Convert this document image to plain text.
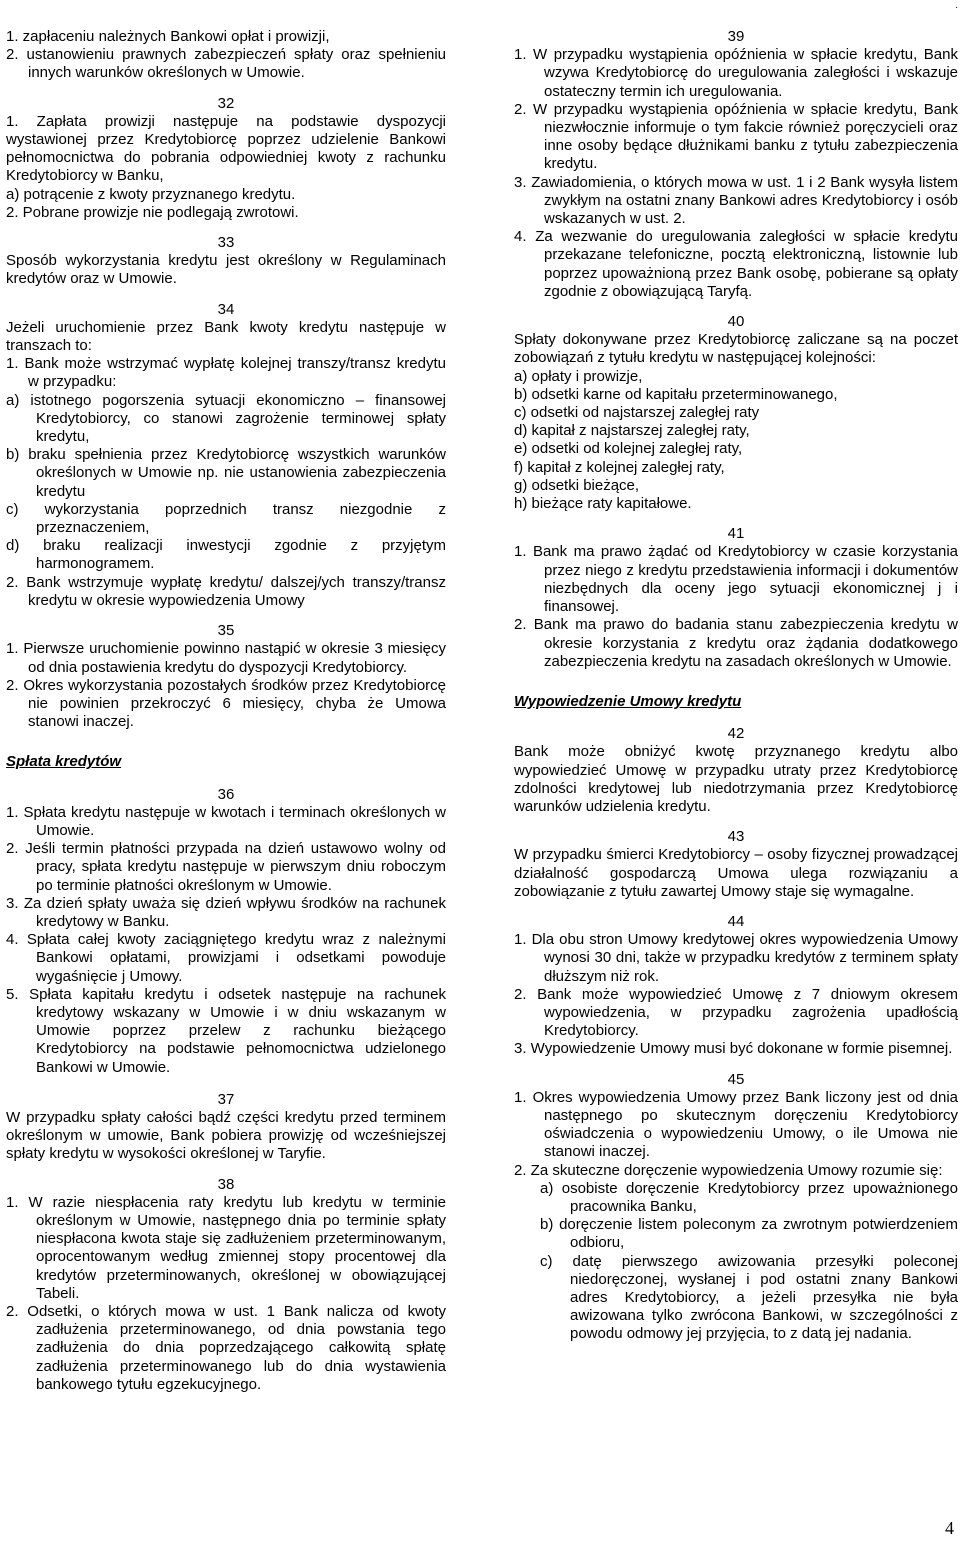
.

1. zapłaceniu należnych Bankowi opłat i prowizji,

2. ustanowieniu prawnych zabezpieczeń spłaty oraz spełnieniu innych warunków określonych w Umowie.

32

1. Zapłata prowizji następuje na podstawie dyspozycji wystawionej przez Kredytobiorcę poprzez udzielenie Bankowi pełnomocnictwa do pobrania odpowiedniej kwoty z rachunku Kredytobiorcy w Banku,

a) potrącenie z kwoty przyznanego kredytu.

2. Pobrane prowizje nie podlegają zwrotowi.

33

Sposób wykorzystania kredytu jest określony w Regulaminach kredytów oraz w Umowie.

34

Jeżeli uruchomienie przez Bank kwoty kredytu następuje w transzach to:

1. Bank może wstrzymać wypłatę kolejnej transzy/transz kredytu w przypadku:

a) istotnego pogorszenia sytuacji ekonomiczno – finansowej Kredytobiorcy, co stanowi zagrożenie terminowej spłaty kredytu,

b) braku spełnienia przez Kredytobiorcę wszystkich warunków określonych w Umowie np. nie ustanowienia zabezpieczenia kredytu

c) wykorzystania poprzednich transz niezgodnie z przeznaczeniem,

d) braku realizacji inwestycji zgodnie z przyjętym harmonogramem.

2. Bank wstrzymuje wypłatę kredytu/ dalszej/ych transzy/transz kredytu w okresie wypowiedzenia Umowy

35

1. Pierwsze uruchomienie powinno nastąpić w okresie 3 miesięcy od dnia postawienia kredytu do dyspozycji Kredytobiorcy.

2. Okres wykorzystania pozostałych środków przez Kredytobiorcę nie powinien przekroczyć 6 miesięcy, chyba że Umowa stanowi inaczej.

Spłata kredytów

36

1. Spłata kredytu następuje w kwotach i terminach określonych w Umowie.

2. Jeśli termin płatności przypada na dzień ustawowo wolny od pracy, spłata kredytu następuje w pierwszym dniu roboczym po terminie płatności określonym w Umowie.

3. Za dzień spłaty uważa się dzień wpływu środków na rachunek kredytowy w Banku.

4. Spłata całej kwoty zaciągniętego kredytu wraz z należnymi Bankowi opłatami, prowizjami i odsetkami powoduje wygaśnięcie j Umowy.

5. Spłata kapitału kredytu i odsetek następuje na rachunek kredytowy wskazany w Umowie i w dniu wskazanym w Umowie poprzez przelew z rachunku bieżącego Kredytobiorcy na podstawie pełnomocnictwa udzielonego Bankowi w Umowie.

37

W przypadku spłaty całości bądź części kredytu przed terminem określonym w umowie, Bank pobiera prowizję od wcześniejszej spłaty kredytu w wysokości określonej w Taryfie.

38

1. W razie niespłacenia raty kredytu lub kredytu w terminie określonym w Umowie, następnego dnia po terminie spłaty niespłacona kwota staje się zadłużeniem przeterminowanym, oprocentowanym według zmiennej stopy procentowej dla kredytów przeterminowanych, określonej w obowiązującej Tabeli.

2. Odsetki, o których mowa w ust. 1 Bank nalicza od kwoty zadłużenia przeterminowanego, od dnia powstania tego zadłużenia do dnia poprzedzającego całkowitą spłatę zadłużenia przeterminowanego lub do dnia wystawienia bankowego tytułu egzekucyjnego.

39

1. W przypadku wystąpienia opóźnienia w spłacie kredytu, Bank wzywa Kredytobiorcę do uregulowania zaległości i wskazuje ostateczny termin ich uregulowania.

2. W przypadku wystąpienia opóźnienia w spłacie kredytu, Bank niezwłocznie informuje o tym fakcie również poręczycieli oraz inne osoby będące dłużnikami banku z tytułu zabezpieczenia kredytu.

3. Zawiadomienia, o których mowa w ust. 1 i 2 Bank wysyła listem zwykłym na ostatni znany Bankowi adres Kredytobiorcy i osób wskazanych w ust. 2.

4. Za wezwanie do uregulowania zaległości w spłacie kredytu przekazane telefoniczne, pocztą elektroniczną, listownie lub poprzez upoważnioną przez Bank osobę, pobierane są opłaty zgodnie z obowiązującą Taryfą.

40

Spłaty dokonywane przez Kredytobiorcę zaliczane są na poczet zobowiązań z tytułu kredytu w następującej kolejności:

a) opłaty i prowizje,

b) odsetki karne od kapitału przeterminowanego,

c) odsetki od najstarszej zaległej raty

d) kapitał z najstarszej zaległej raty,

e) odsetki od kolejnej zaległej raty,

f) kapitał z kolejnej zaległej raty,

g) odsetki bieżące,

h) bieżące raty kapitałowe.

41

1. Bank ma prawo żądać od Kredytobiorcy w czasie korzystania przez niego z kredytu przedstawienia informacji i dokumentów niezbędnych dla oceny jego sytuacji ekonomicznej j i finansowej.

2. Bank ma prawo do badania stanu zabezpieczenia kredytu w okresie korzystania z kredytu oraz żądania dodatkowego zabezpieczenia kredytu na zasadach określonych w Umowie.

Wypowiedzenie Umowy kredytu

42

Bank może obniżyć kwotę przyznanego kredytu albo wypowiedzieć Umowę w przypadku utraty przez Kredytobiorcę zdolności kredytowej lub niedotrzymania przez Kredytobiorcę warunków udzielenia kredytu.

43

W przypadku śmierci Kredytobiorcy – osoby fizycznej prowadzącej działalność gospodarczą Umowa ulega rozwiązaniu a zobowiązanie z tytułu zawartej Umowy staje się wymagalne.

44

1. Dla obu stron Umowy kredytowej okres wypowiedzenia Umowy wynosi 30 dni, także w przypadku kredytów z terminem spłaty dłuższym niż rok.

2. Bank może wypowiedzieć Umowę z 7 dniowym okresem wypowiedzenia, w przypadku zagrożenia upadłością Kredytobiorcy.

3. Wypowiedzenie Umowy musi być dokonane w formie pisemnej.

45

1. Okres wypowiedzenia Umowy przez Bank liczony jest od dnia następnego po skutecznym doręczeniu Kredytobiorcy oświadczenia o wypowiedzeniu Umowy, o ile Umowa nie stanowi inaczej.

2. Za skuteczne doręczenie wypowiedzenia Umowy rozumie się:

a) osobiste doręczenie Kredytobiorcy przez upoważnionego pracownika Banku,

b) doręczenie listem poleconym za zwrotnym potwierdzeniem odbioru,

c) datę pierwszego awizowania przesyłki poleconej niedoręczonej, wysłanej i pod ostatni znany Bankowi adres Kredytobiorcy, a jeżeli przesyłka nie była awizowana tylko zwrócona Bankowi, w szczególności z powodu odmowy jej przyjęcia, to z datą jej nadania.

4
